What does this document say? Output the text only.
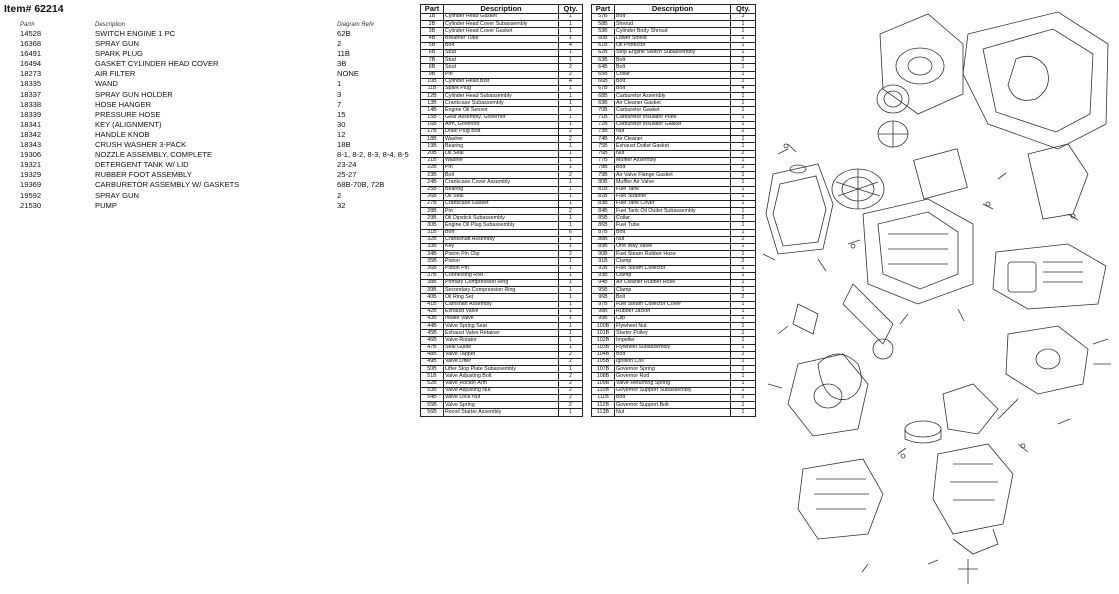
Item# 62214
Part#	Description	Diagram Ref#
14528	SWITCH ENGINE 1 PC	62B
16368	SPRAY GUN	2
16491	SPARK PLUG	11B
16494	GASKET CYLINDER HEAD COVER	3B
18273	AIR FILTER	NONE
18335	WAND	1
18337	SPRAY GUN HOLDER	3
18338	HOSE HANGER	7
18339	PRESSURE HOSE	15
18341	KEY (ALIGNMENT)	30
18342	HANDLE KNOB	12
18343	CRUSH WASHER 3-PACK	18B
19306	NOZZLE ASSEMBLY, COMPLETE	8-1, 8-2, 8-3, 8-4, 8-5
19321	DETERGENT TANK W/ LID	23-24
19329	RUBBER FOOT ASSEMBLY	25-27
19369	CARBURETOR ASSEMBLY W/ GASKETS	68B-70B, 72B
19592	SPRAY GUN	2
21530	PUMP	32
Part	Description	Qty.
1B	Cylinder Head Gasket	1
2B	Cylinder Head Cover Subassembly	1
3B	Cylinder Head Cover Gasket	1
4B	Breather Tube	1
5B	Bolt	4
6B	Stud	1
7B	Stud	1
8B	Stud	2
9B	Pin	2
10B	Cylinder Head Bolt	4
11B	Spark Plug	1
12B	Cylinder Head Subassembly	1
13B	Crankcase Subassembly	1
14B	Engine Oil Sensor	1
15B	Gear Assembly, Governor	1
16B	Arm, Governor	1
17B	Drain Plug Bolt	2
18B	Washer	2
19B	Bearing	1
20B	Oil Seal	1
21B	Washer	1
22B	Pin	1
23B	Bolt	2
24B	Crankcase Cover Assembly	1
25B	Bearing	1
26B	Oil Seal	1
27B	Crankcase Gasket	1
28B	Pin	2
29B	Oil Dipstick Subassembly	1
30B	Engine Oil Plug Subassembly	1
31B	Bolt	6
32B	Crankshaft Assembly	1
33B	Key	1
34B	Piston Pin Clip	2
35B	Piston	1
36B	Piston Pin	1
37B	Connecting Rod	1
38B	Primary Compression Ring	1
39B	Secondary Compression Ring	1
40B	Oil Ring Set	1
41B	Camshaft Assembly	1
42B	Exhaust Valve	1
43B	Intake Valve	1
44B	Valve Spring Seat	1
45B	Exhaust Valve Retainer	1
46B	Valve Rotator	1
47B	Seal Guide	1
48B	Valve Tappet	2
49B	Valve Lifter	2
50B	Lifter Stop Plate Subassembly	1
51B	Valve Adjusting Bolt	2
52B	Valve Rocker Arm	2
53B	Valve Adjusting Nut	2
54B	Valve Lock Nut	2
55B	Valve Spring	2
56B	Recoil Starter Assembly	1
Part	Description	Qty.
57B	Bolt	3
58B	Shroud	1
59B	Cylinder Body Shroud	1
60B	Lower Shield	1
61B	Oil Protector	1
62B	Stop Engine Switch Subassembly	1
63B	Bolt	2
64B	Bolt	1
65B	Collar	1
66B	Bolt	1
67B	Bolt	4
68B	Carburetor Assembly	1
69B	Air Cleaner Gasket	1
70B	Carburetor Gasket	1
71B	Carburetor Insulator Plate	1
72B	Carburetor Insulator Gasket	1
73B	Nut	2
74B	Air Cleaner	1
75B	Exhaust Outlet Gasket	1
76B	Nut	2
77B	Muffler Assembly	1
78B	Bolt	2
79B	Air Valve Flange Gasket	1
80B	Muffler Air Valve	1
81B	Fuel Tank	1
82B	Fuel Strainer	1
83B	Fuel Tank Cover	1
84B	Fuel Tank Oil Outlet Subassembly	1
85B	Collar	2
86B	Fuel Tube	1
87B	Bolt	1
88B	Nut	2
89B	One Way Valve	1
90B	Fuel Steam Rubber Hose	1
91B	Clamp	2
92B	Fuel Steam Collector	1
93B	Clamp	1
94B	Air Cleaner Rubber Hose	1
95B	Clamp	1
96B	Bolt	2
97B	Fuel Steam Collector Cover	1
98B	Rubber Jacket	1
99B	Clip	1
100B	Flywheel Nut	1
101B	Starter Pulley	1
102B	Impeller	1
103B	Flywheel Subassembly	1
104B	Bolt	2
105B	Ignition Coil	1
107B	Governor Spring	1
108B	Governor Rod	1
109B	Valve Returning Spring	1
110B	Governor Support Subassembly	1
111B	Bolt	2
112B	Governor Support Bolt	1
113B	Nut	1
